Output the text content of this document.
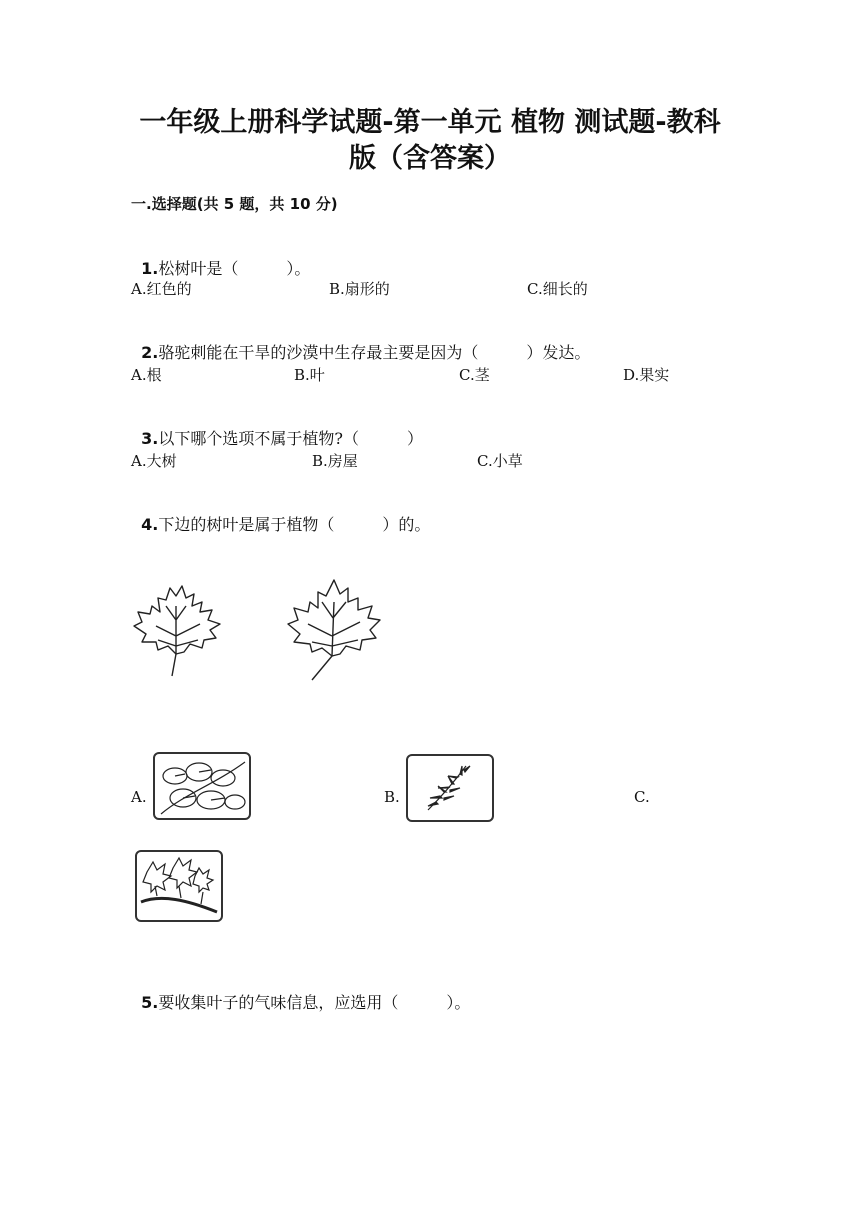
一年级上册科学试题-第一单元 植物 测试题-教科
版（含答案）
一.选择题(共 5 题，共 10 分)

1.松树叶是（　　　）。

A.红色的	B.扇形的	C.细长的

2.骆驼刺能在干旱的沙漠中生存最主要是因为（　　　）发达。

A.根	B.叶	C.茎	D.果实

3.以下哪个选项不属于植物?（　　　）

A.大树	B.房屋	C.小草

4.下边的树叶是属于植物（　　　）的。

A.	B.	C.

5.要收集叶子的气味信息，应选用（　　　）。
